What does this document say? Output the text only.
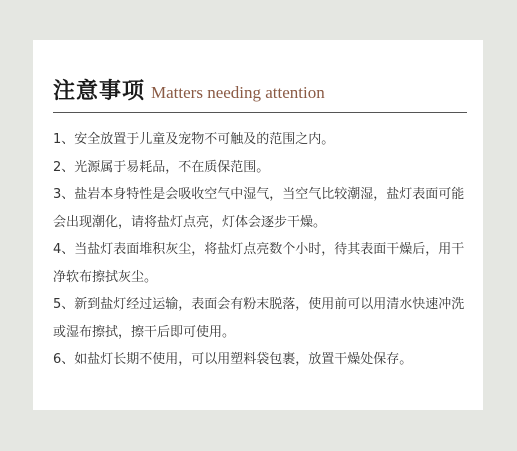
注意事项 Matters needing attention
1、安全放置于儿童及宠物不可触及的范围之内。
2、光源属于易耗品，不在质保范围。
3、盐岩本身特性是会吸收空气中湿气，当空气比较潮湿，盐灯表面可能会出现潮化，请将盐灯点亮，灯体会逐步干燥。
4、当盐灯表面堆积灰尘，将盐灯点亮数个小时，待其表面干燥后，用干净软布擦拭灰尘。
5、新到盐灯经过运输，表面会有粉末脱落，使用前可以用清水快速冲洗或湿布擦拭，擦干后即可使用。
6、如盐灯长期不使用，可以用塑料袋包裹，放置干燥处保存。
